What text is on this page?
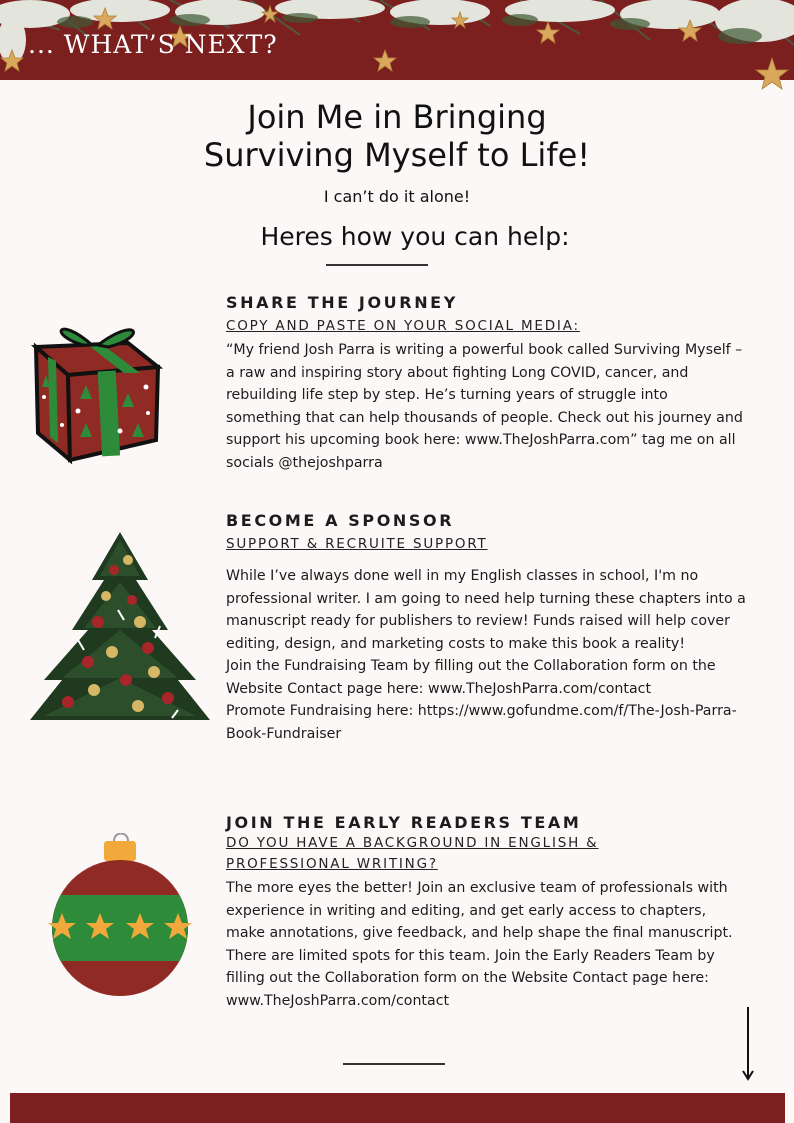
... WHAT’S NEXT?
Join Me in Bringing
Surviving Myself to Life!
I can’t do it alone!
Heres how you can help:
SHARE THE JOURNEY
COPY AND PASTE ON YOUR SOCIAL MEDIA:

“My friend Josh Parra is writing a powerful book called Surviving Myself – a raw and inspiring story about fighting Long COVID, cancer, and rebuilding life step by step. He’s turning years of struggle into something that can help thousands of people. Check out his journey and support his upcoming book here: www.TheJoshParra.com” tag me on all socials @thejoshparra

BECOME A SPONSOR
SUPPORT & RECRUITE SUPPORT

While I’ve always done well in my English classes in school, I'm no professional writer. I am going to need help turning these chapters into a manuscript ready for publishers to review! Funds raised will help cover editing, design, and marketing costs to make this book a reality!

Join the Fundraising Team by filling out the Collaboration form on the Website Contact page here: www.TheJoshParra.com/contact

Promote Fundraising here: https://www.gofundme.com/f/The-Josh-Parra-Book-Fundraiser

JOIN THE EARLY READERS TEAM
DO YOU HAVE A BACKGROUND IN ENGLISH & PROFESSIONAL WRITING?

The more eyes the better! Join an exclusive team of professionals with experience in writing and editing, and get early access to chapters, make annotations, give feedback, and help shape the final manuscript. There are limited spots for this team. Join the Early Readers Team by filling out the Collaboration form on the Website Contact page here: www.TheJoshParra.com/contact
